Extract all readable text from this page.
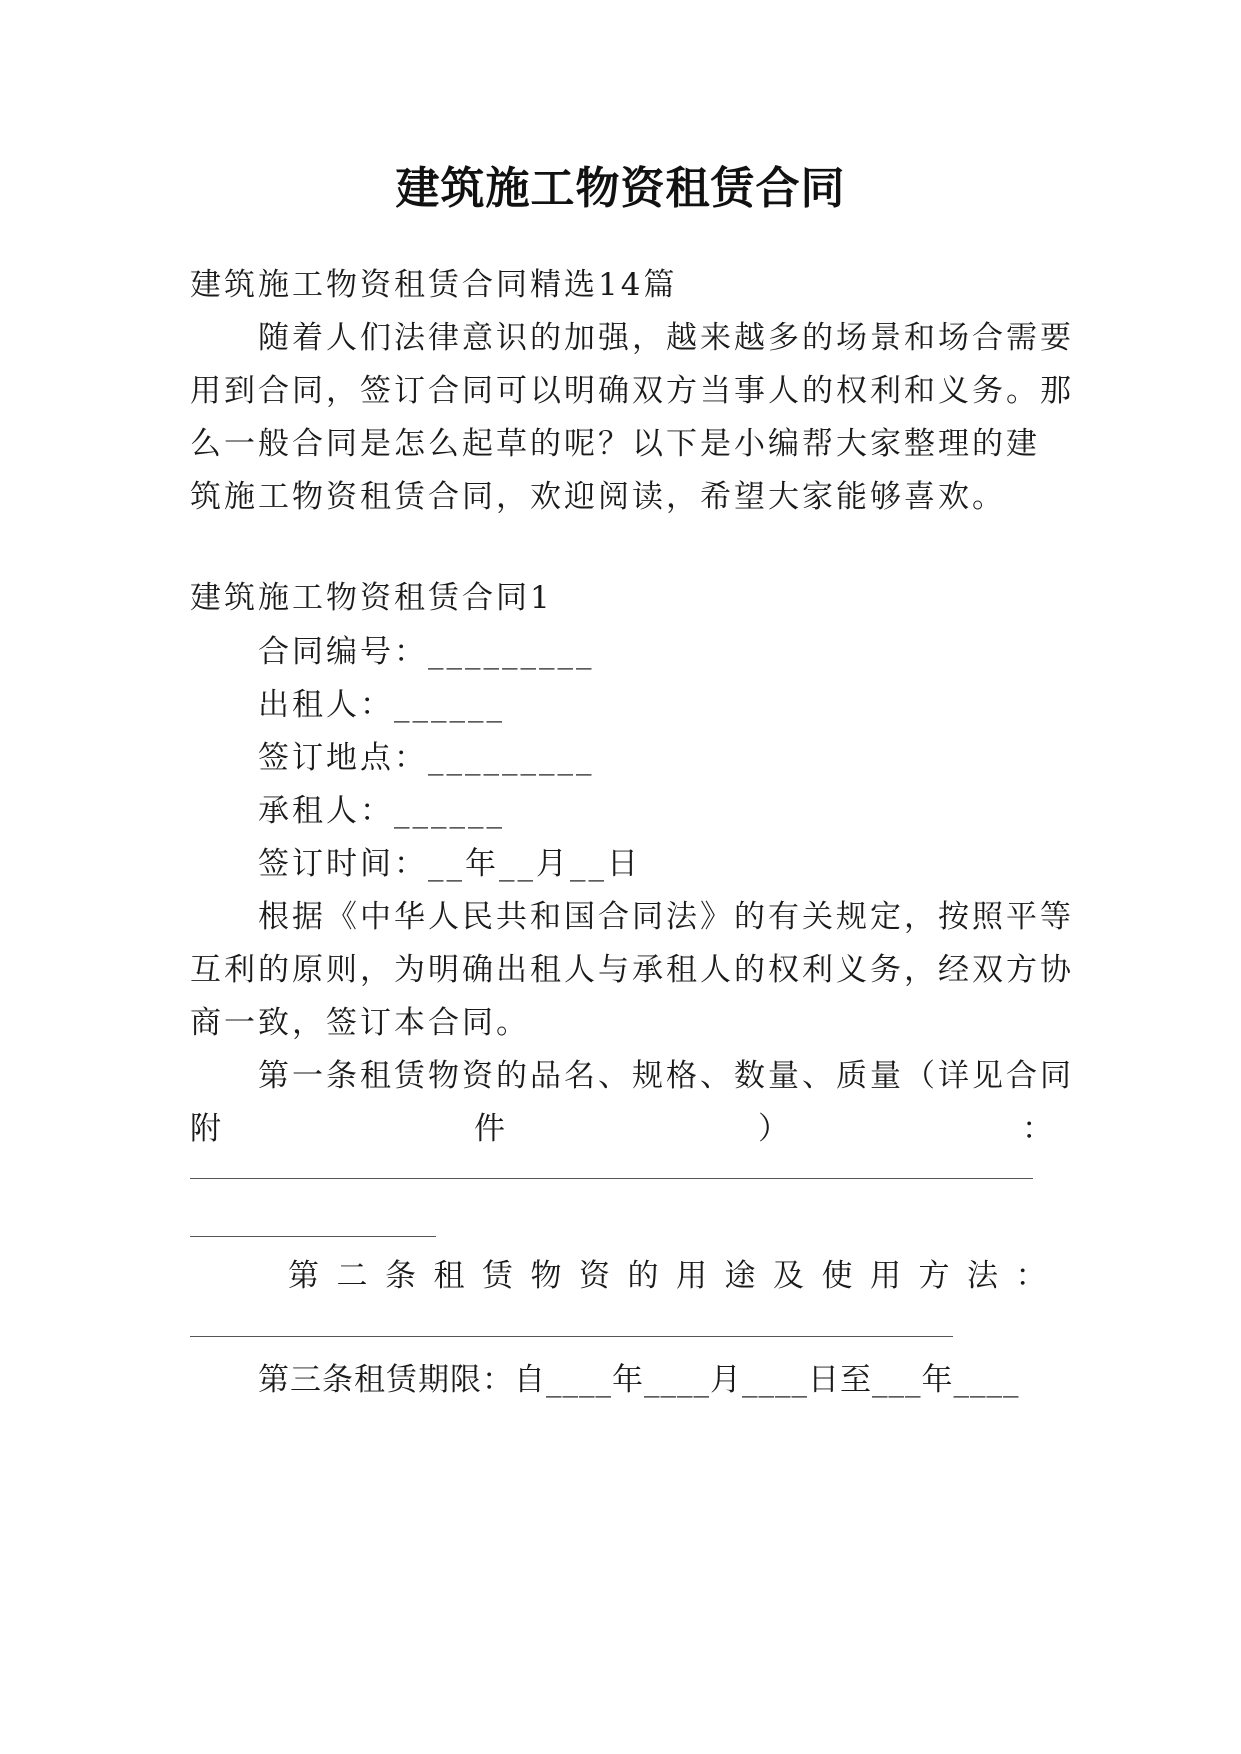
建筑施工物资租赁合同
建筑施工物资租赁合同精选14篇
随着人们法律意识的加强，越来越多的场景和场合需要
用到合同，签订合同可以明确双方当事人的权利和义务。那
么一般合同是怎么起草的呢？以下是小编帮大家整理的建
筑施工物资租赁合同，欢迎阅读，希望大家能够喜欢。
建筑施工物资租赁合同1
合同编号：_________
出租人：______
签订地点：_________
承租人：______
签订时间：__年__月__日
根据《中华人民共和国合同法》的有关规定，按照平等
互利的原则，为明确出租人与承租人的权利义务，经双方协
商一致，签订本合同。
第一条租赁物资的品名、规格、数量、质量（详见合同
附	件	）	：
第二条租赁物资的用途及使用方法：
第三条租赁期限：自____年____月____日至___年____
